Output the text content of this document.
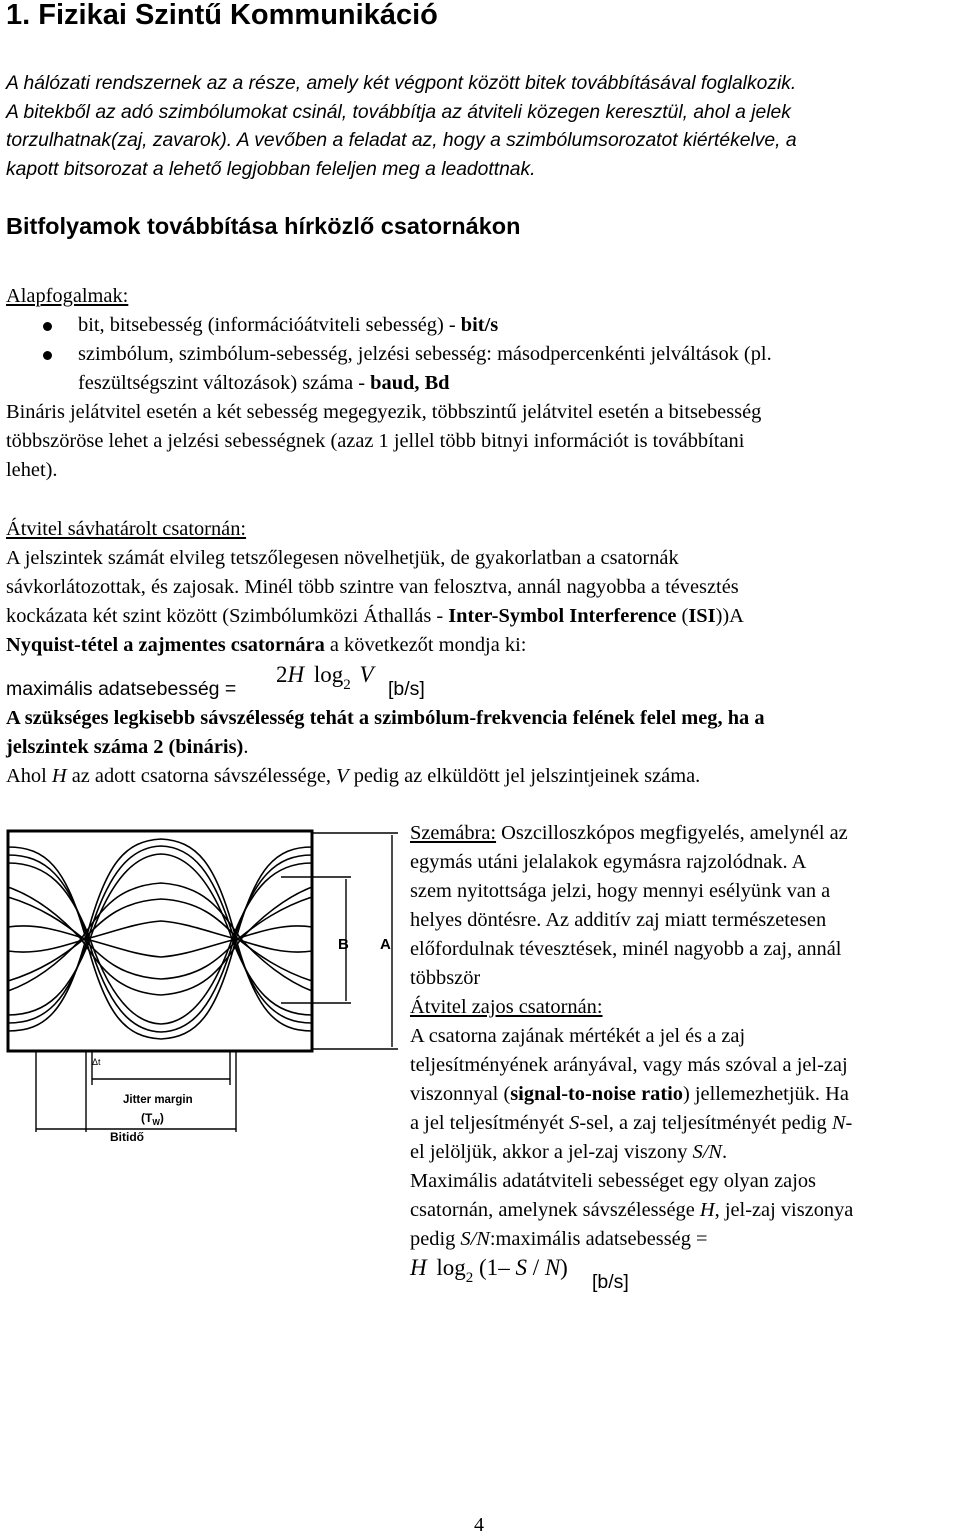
1. Fizikai Szintű Kommunikáció
A hálózati rendszernek az a része, amely két végpont között bitek továbbításával foglalkozik.
A bitekből az adó szimbólumokat csinál, továbbítja az átviteli közegen keresztül, ahol a jelek
torzulhatnak(zaj, zavarok). A vevőben a feladat az, hogy a szimbólumsorozatot kiértékelve, a
kapott bitsorozat a lehető legjobban feleljen meg a leadottnak.
Bitfolyamok továbbítása hírközlő csatornákon
Alapfogalmak:
bit, bitsebesség (információátviteli sebesség) - bit/s
szimbólum, szimbólum-sebesség, jelzési sebesség: másodpercenkénti jelváltások (pl.
feszültségszint változások) száma - baud, Bd
Bináris jelátvitel esetén a két sebesség megegyezik, többszintű jelátvitel esetén a bitsebesség
többszöröse lehet a jelzési sebességnek (azaz 1 jellel több bitnyi információt is továbbítani
lehet).
Átvitel sávhatárolt csatornán:
A jelszintek számát elvileg tetszőlegesen növelhetjük, de gyakorlatban a csatornák
sávkorlátozottak, és zajosak. Minél több szintre van felosztva, annál nagyobba a tévesztés
kockázata két szint között (Szimbólumközi Áthallás - Inter-Symbol Interference (ISI))A
Nyquist-tétel a zajmentes csatornára a következőt mondja ki:
maximális adatsebesség =
2H $\log_2 V$
[b/s]
A szükséges legkisebb sávszélesség tehát a szimbólum-frekvencia felének felel meg, ha a
jelszintek száma 2 (bináris).
Ahol H az adott csatorna sávszélessége, V pedig az elküldött jel jelszintjeinek száma.
B A
Δt
Jitter margin
$(T_W)$
Bitidő
Szemábra: Oszcilloszkópos megfigyelés, amelynél az
egymás utáni jelalakok egymásra rajzolódnak. A
szem nyitottsága jelzi, hogy mennyi esélyünk van a
helyes döntésre. Az additív zaj miatt természetesen
előfordulnak tévesztések, minél nagyobb a zaj, annál
többször
Átvitel zajos csatornán:
A csatorna zajának mértékét a jel és a zaj
teljesítményének arányával, vagy más szóval a jel-zaj
viszonnyal (signal-to-noise ratio) jellemezhetjük. Ha
a jel teljesítményét S-sel, a zaj teljesítményét pedig N-
el jelöljük, akkor a jel-zaj viszony S/N.
Maximális adatátviteli sebességet egy olyan zajos
csatornán, amelynek sávszélessége H, jel-zaj viszonya
pedig S/N:maximális adatsebesség =
H $\log_2 (1-$ S / N)
[b/s]
4
